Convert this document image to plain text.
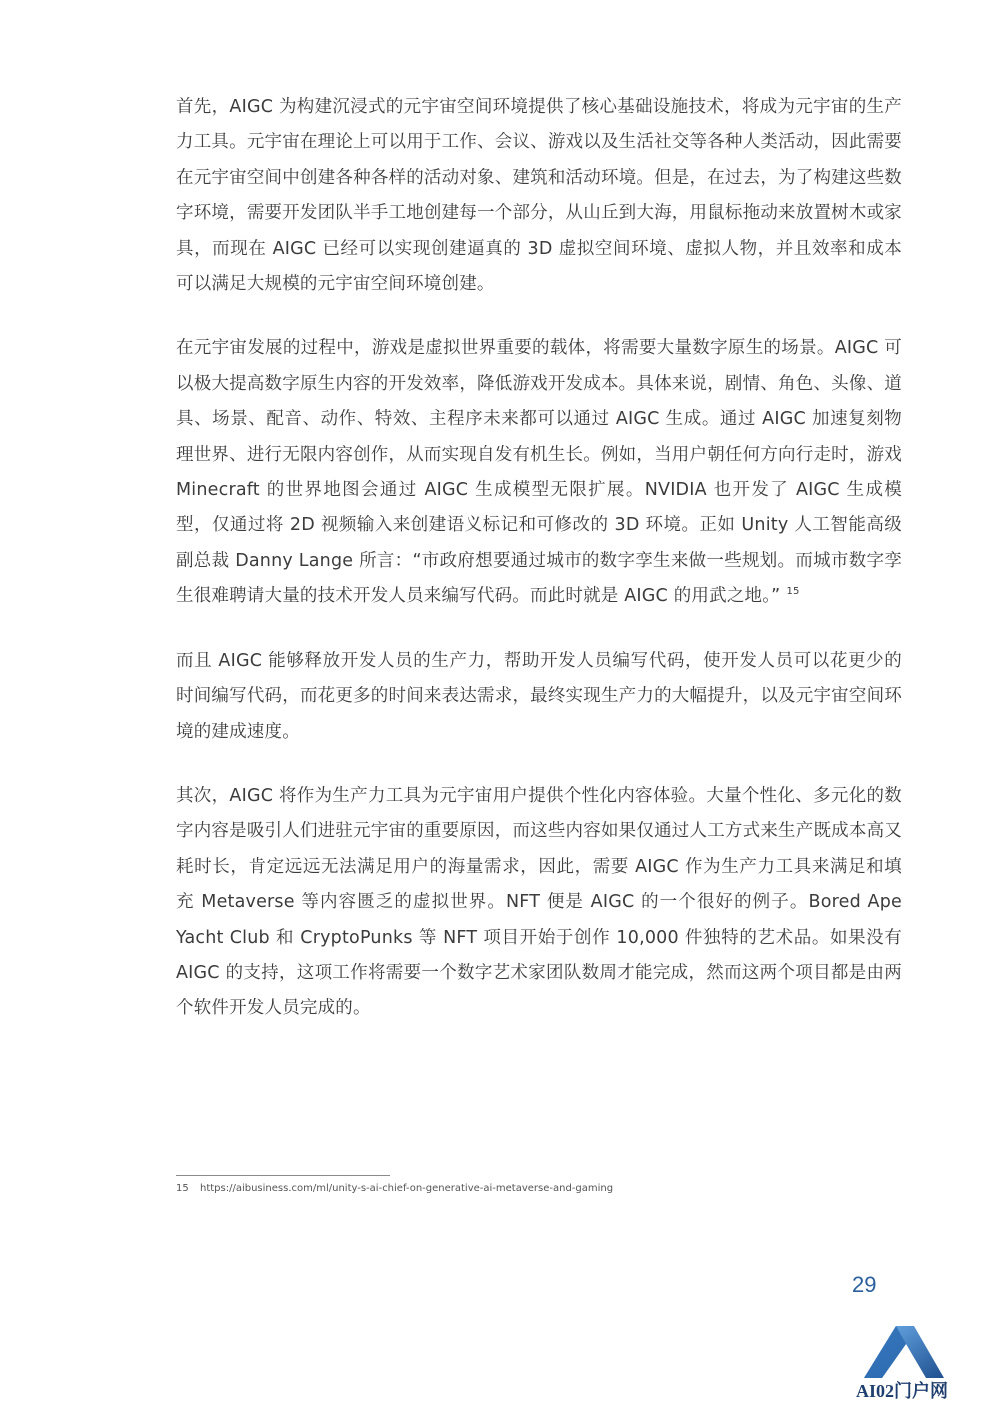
首先，AIGC 为构建沉浸式的元宇宙空间环境提供了核心基础设施技术，将成为元宇宙的生产力工具。元宇宙在理论上可以用于工作、会议、游戏以及生活社交等各种人类活动，因此需要在元宇宙空间中创建各种各样的活动对象、建筑和活动环境。但是，在过去，为了构建这些数字环境，需要开发团队半手工地创建每一个部分，从山丘到大海，用鼠标拖动来放置树木或家具，而现在 AIGC 已经可以实现创建逼真的 3D 虚拟空间环境、虚拟人物，并且效率和成本可以满足大规模的元宇宙空间环境创建。

在元宇宙发展的过程中，游戏是虚拟世界重要的载体，将需要大量数字原生的场景。AIGC 可以极大提高数字原生内容的开发效率，降低游戏开发成本。具体来说，剧情、角色、头像、道具、场景、配音、动作、特效、主程序未来都可以通过 AIGC 生成。通过 AIGC 加速复刻物理世界、进行无限内容创作，从而实现自发有机生长。例如，当用户朝任何方向行走时，游戏 Minecraft 的世界地图会通过 AIGC 生成模型无限扩展。NVIDIA 也开发了 AIGC 生成模型，仅通过将 2D 视频输入来创建语义标记和可修改的 3D 环境。正如 Unity 人工智能高级副总裁 Danny Lange 所言：“市政府想要通过城市的数字孪生来做一些规划。而城市数字孪生很难聘请大量的技术开发人员来编写代码。而此时就是 AIGC 的用武之地。” $^{15}$

而且 AIGC 能够释放开发人员的生产力，帮助开发人员编写代码，使开发人员可以花更少的时间编写代码，而花更多的时间来表达需求，最终实现生产力的大幅提升，以及元宇宙空间环境的建成速度。

其次，AIGC 将作为生产力工具为元宇宙用户提供个性化内容体验。大量个性化、多元化的数字内容是吸引人们进驻元宇宙的重要原因，而这些内容如果仅通过人工方式来生产既成本高又耗时长，肯定远远无法满足用户的海量需求，因此，需要 AIGC 作为生产力工具来满足和填充 Metaverse 等内容匮乏的虚拟世界。NFT 便是 AIGC 的一个很好的例子。Bored Ape Yacht Club 和 CryptoPunks 等 NFT 项目开始于创作 10,000 件独特的艺术品。如果没有 AIGC 的支持，这项工作将需要一个数字艺术家团队数周才能完成，然而这两个项目都是由两个软件开发人员完成的。

15 https://aibusiness.com/ml/unity-s-ai-chief-on-generative-ai-metaverse-and-gaming
29
AI02门户网
